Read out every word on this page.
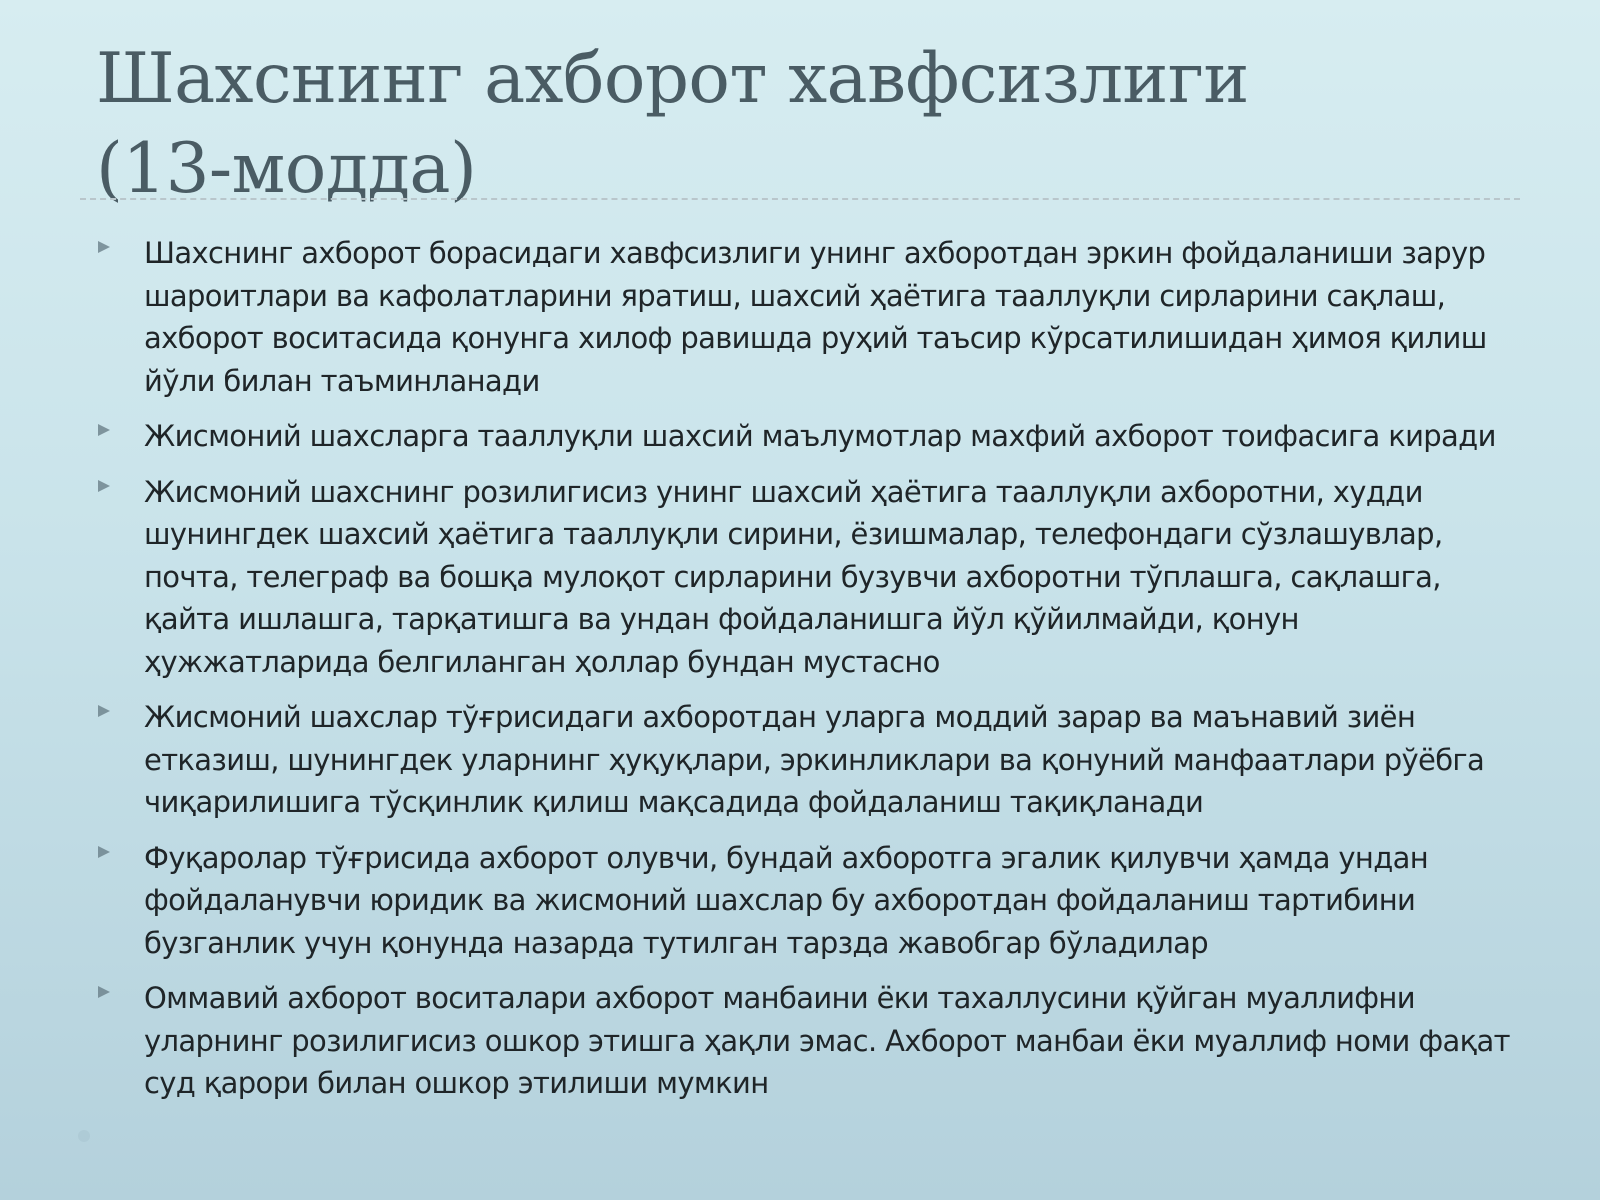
Шахснинг ахборот хавфсизлиги
(13-модда)
Шахснинг ахборот борасидаги хавфсизлиги унинг ахборотдан эркин фойдаланиши зарур шароитлари ва кафолатларини яратиш, шахсий ҳаётига тааллуқли сирларини сақлаш, ахборот воситасида қонунга хилоф равишда руҳий таъсир кўрсатилишидан ҳимоя қилиш йўли билан таъминланади
Жисмоний шахсларга тааллуқли шахсий маълумотлар махфий ахборот тоифасига киради
Жисмоний шахснинг розилигисиз унинг шахсий ҳаётига тааллуқли ахборотни, худди шунингдек шахсий ҳаётига тааллуқли сирини, ёзишмалар, телефондаги сўзлашувлар, почта, телеграф ва бошқа мулоқот сирларини бузувчи ахборотни тўплашга, сақлашга, қайта ишлашга, тарқатишга ва ундан фойдаланишга йўл қўйилмайди, қонун ҳужжатларида белгиланган ҳоллар бундан мустасно
Жисмоний шахслар тўғрисидаги ахборотдан уларга моддий зарар ва маънавий зиён етказиш, шунингдек уларнинг ҳуқуқлари, эркинликлари ва қонуний манфаатлари рўёбга чиқарилишига тўсқинлик қилиш мақсадида фойдаланиш тақиқланади
Фуқаролар тўғрисида ахборот олувчи, бундай ахборотга эгалик қилувчи ҳамда ундан фойдаланувчи юридик ва жисмоний шахслар бу ахборотдан фойдаланиш тартибини бузганлик учун қонунда назарда тутилган тарзда жавобгар бўладилар
Оммавий ахборот воситалари ахборот манбаини ёки тахаллусини қўйган муаллифни уларнинг розилигисиз ошкор этишга ҳақли эмас. Ахборот манбаи ёки муаллиф номи фақат суд қарори билан ошкор этилиши мумкин
